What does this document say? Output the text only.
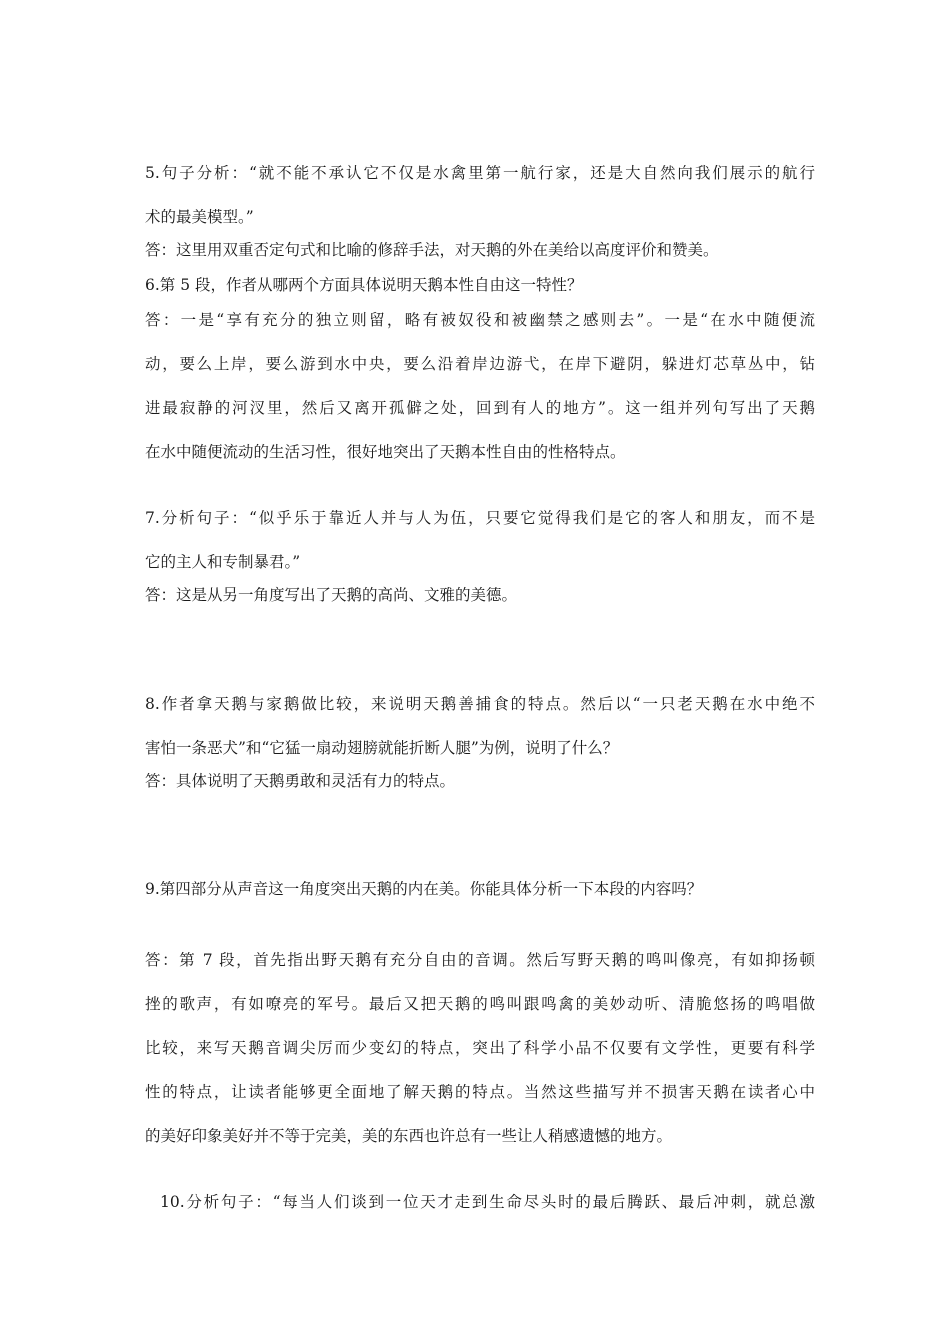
5.句子分析：“就不能不承认它不仅是水禽里第一航行家，还是大自然向我们展示的航行
术的最美模型。”
答：这里用双重否定句式和比喻的修辞手法，对天鹅的外在美给以高度评价和赞美。
6.第 5 段，作者从哪两个方面具体说明天鹅本性自由这一特性？
答：一是“享有充分的独立则留，略有被奴役和被幽禁之感则去”。一是“在水中随便流
动，要么上岸，要么游到水中央，要么沿着岸边游弋，在岸下避阴，躲进灯芯草丛中，钻
进最寂静的河汊里，然后又离开孤僻之处，回到有人的地方”。这一组并列句写出了天鹅
在水中随便流动的生活习性，很好地突出了天鹅本性自由的性格特点。
7.分析句子：“似乎乐于靠近人并与人为伍，只要它觉得我们是它的客人和朋友，而不是
它的主人和专制暴君。”
答：这是从另一角度写出了天鹅的高尚、文雅的美德。
8.作者拿天鹅与家鹅做比较，来说明天鹅善捕食的特点。然后以“一只老天鹅在水中绝不
害怕一条恶犬”和“它猛一扇动翅膀就能折断人腿”为例，说明了什么？
答：具体说明了天鹅勇敢和灵活有力的特点。
9.第四部分从声音这一角度突出天鹅的内在美。你能具体分析一下本段的内容吗？
答：第 7 段，首先指出野天鹅有充分自由的音调。然后写野天鹅的鸣叫像亮，有如抑扬顿
挫的歌声，有如嘹亮的军号。最后又把天鹅的鸣叫跟鸣禽的美妙动听、清脆悠扬的鸣唱做
比较，来写天鹅音调尖厉而少变幻的特点，突出了科学小品不仅要有文学性，更要有科学
性的特点，让读者能够更全面地了解天鹅的特点。当然这些描写并不损害天鹅在读者心中
的美好印象美好并不等于完美，美的东西也许总有一些让人稍感遗憾的地方。
10.分析句子：“每当人们谈到一位天才走到生命尽头时的最后腾跃、最后冲刺，就总激
